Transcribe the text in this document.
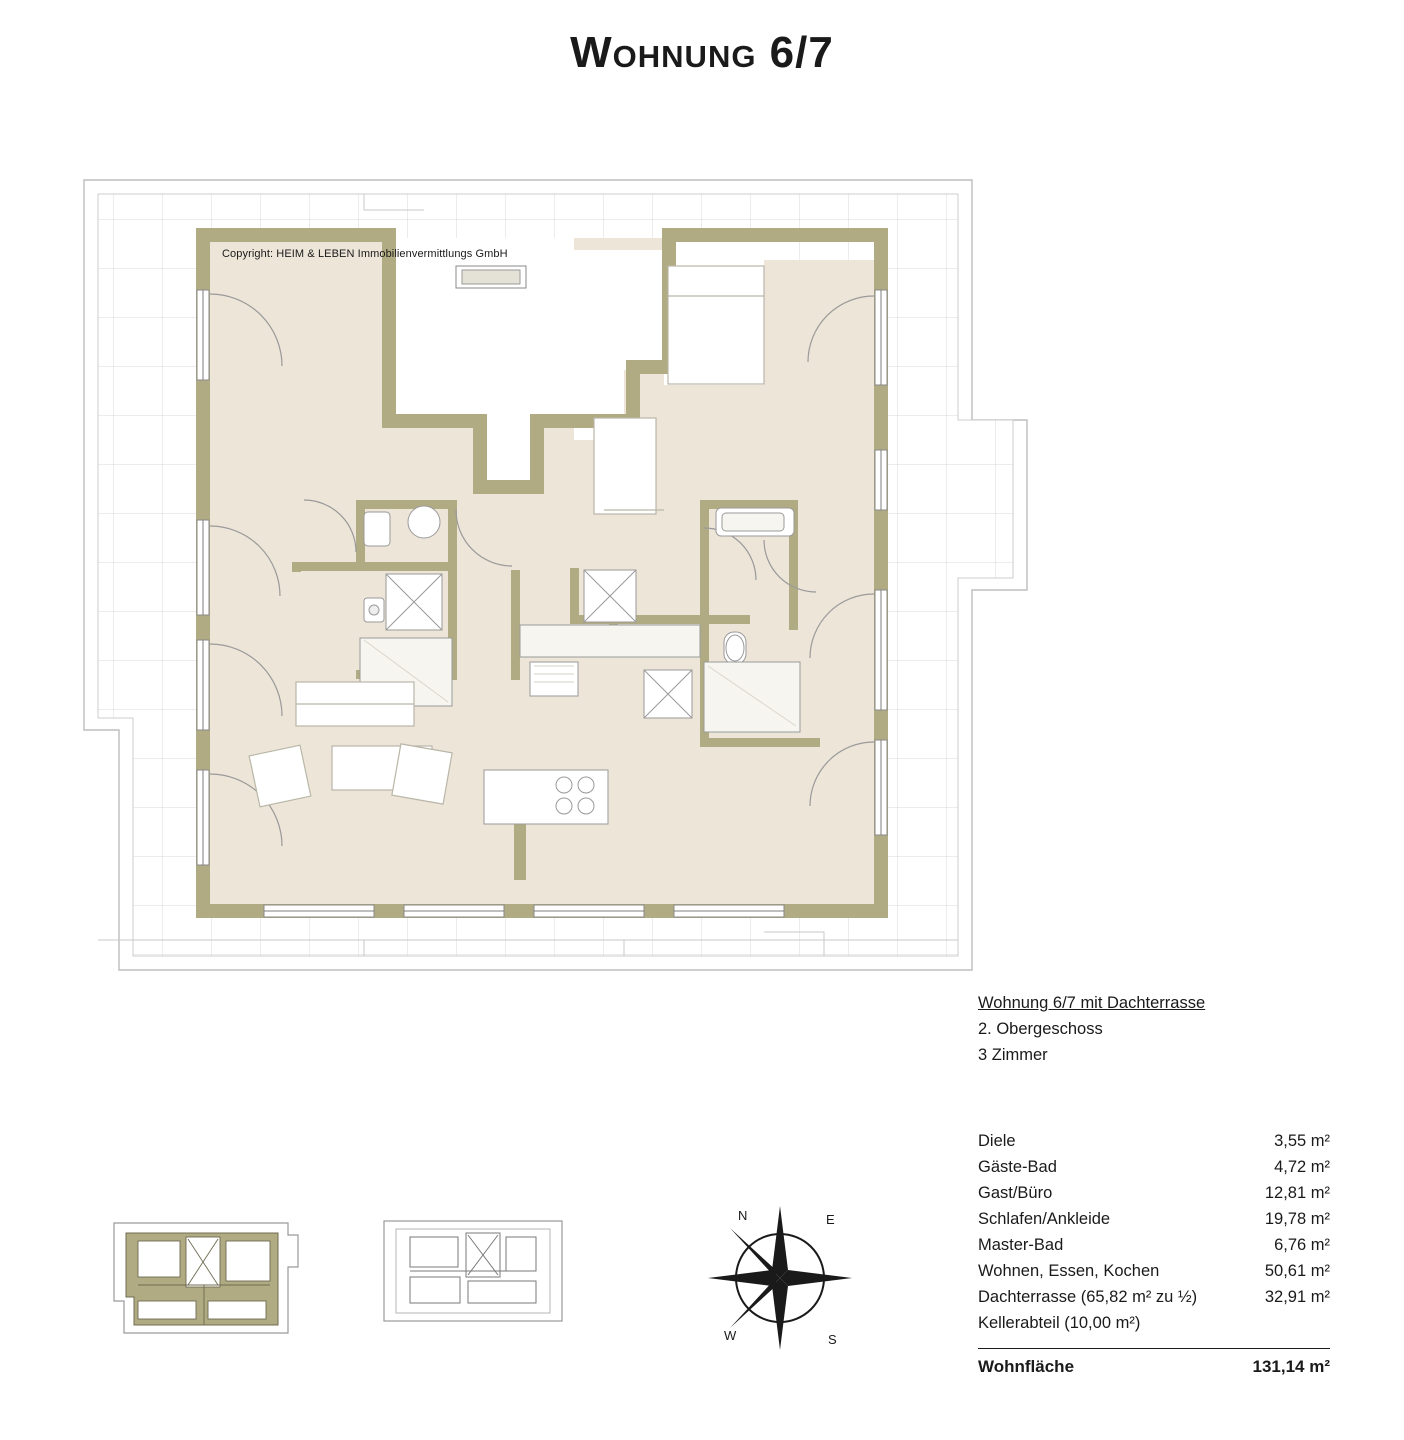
Wohnung 6/7
Copyright: HEIM & LEBEN Immobilienvermittlungs GmbH
Wohnung 6/7 mit Dachterrasse
2. Obergeschoss
3 Zimmer
Diele	3,55 m²
Gäste-Bad	4,72 m²
Gast/Büro	12,81 m²
Schlafen/Ankleide	19,78 m²
Master-Bad	6,76 m²
Wohnen, Essen, Kochen	50,61 m²
Dachterrasse (65,82 m² zu ½)	32,91 m²
Kellerabteil (10,00 m²)	

Wohnfläche	131,14 m²
N	E
S
W
